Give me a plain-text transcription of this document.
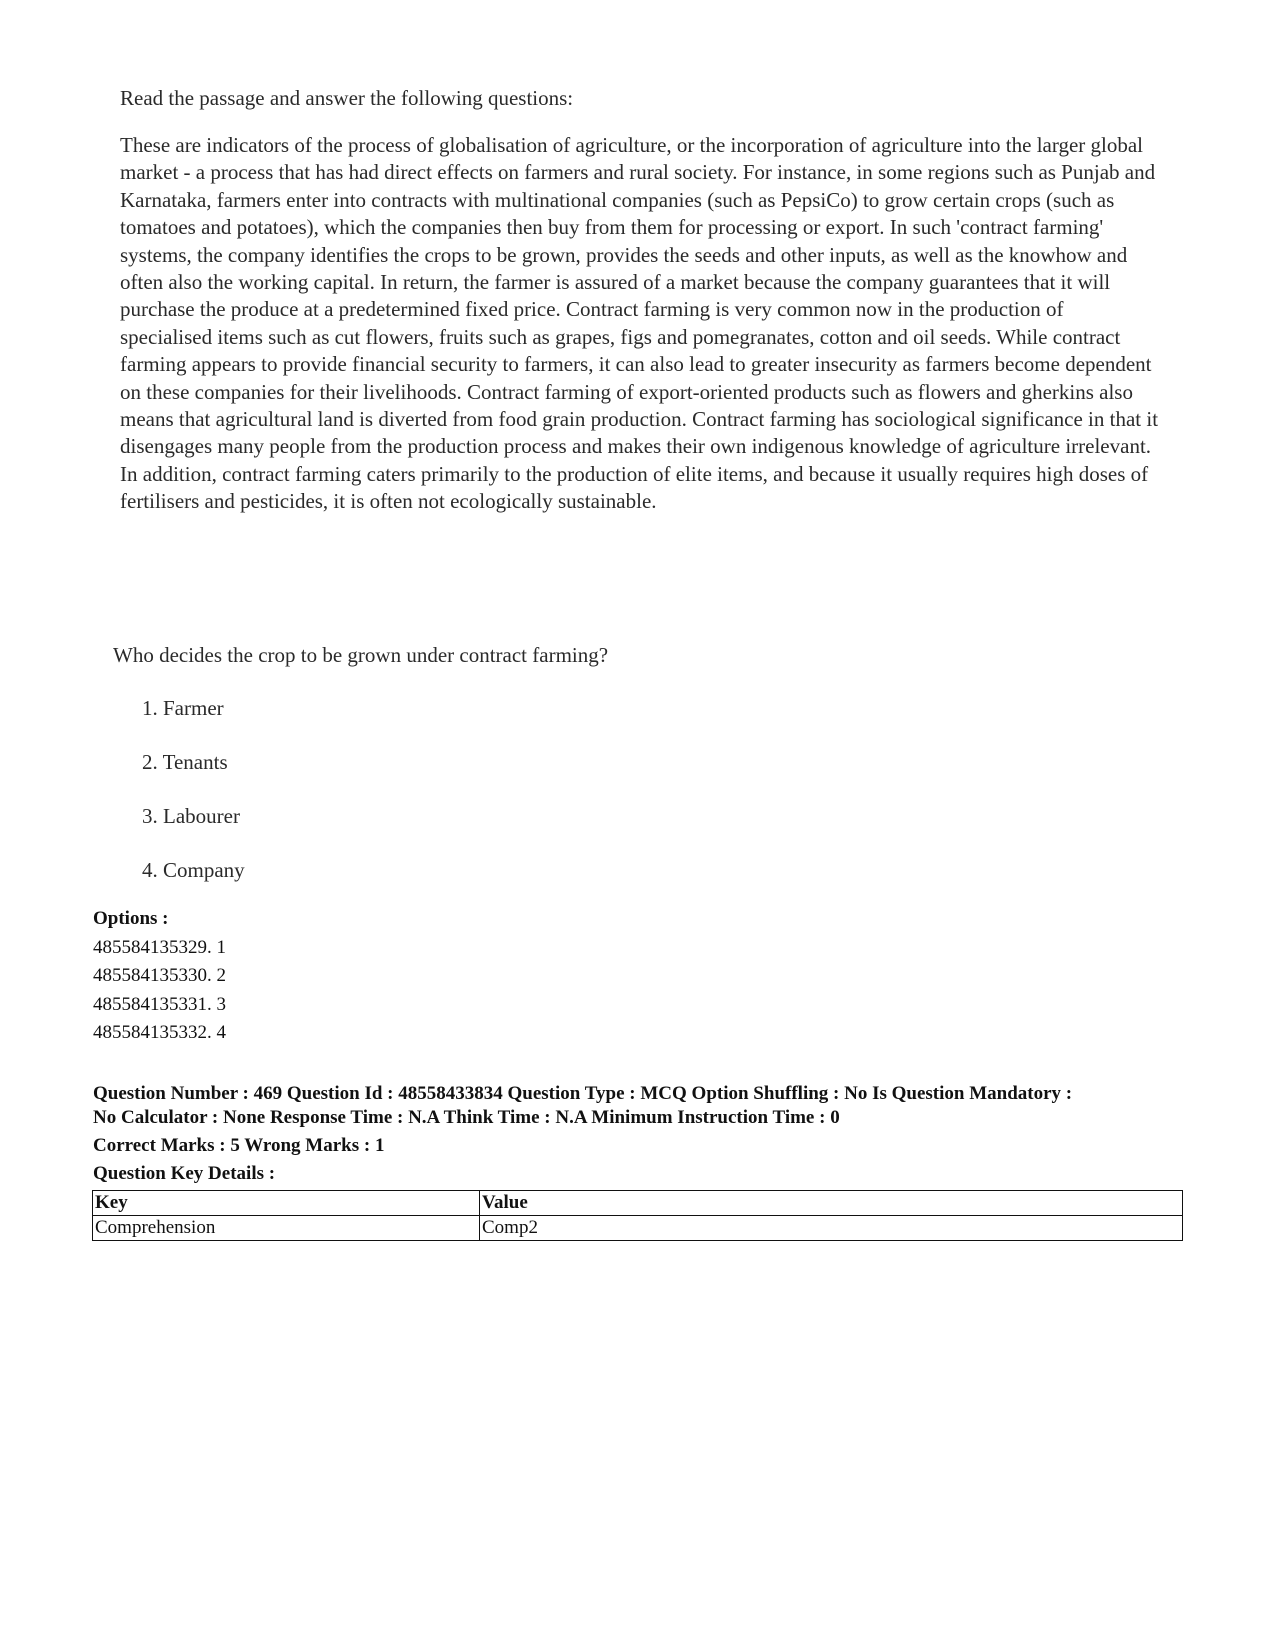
Read the passage and answer the following questions:

These are indicators of the process of globalisation of agriculture, or the incorporation of agriculture into the larger global market - a process that has had direct effects on farmers and rural society. For instance, in some regions such as Punjab and Karnataka, farmers enter into contracts with multinational companies (such as PepsiCo) to grow certain crops (such as tomatoes and potatoes), which the companies then buy from them for processing or export. In such 'contract farming' systems, the company identifies the crops to be grown, provides the seeds and other inputs, as well as the knowhow and often also the working capital. In return, the farmer is assured of a market because the company guarantees that it will purchase the produce at a predetermined fixed price. Contract farming is very common now in the production of specialised items such as cut flowers, fruits such as grapes, figs and pomegranates, cotton and oil seeds. While contract farming appears to provide financial security to farmers, it can also lead to greater insecurity as farmers become dependent on these companies for their livelihoods. Contract farming of export-oriented products such as flowers and gherkins also means that agricultural land is diverted from food grain production. Contract farming has sociological significance in that it disengages many people from the production process and makes their own indigenous knowledge of agriculture irrelevant. In addition, contract farming caters primarily to the production of elite items, and because it usually requires high doses of fertilisers and pesticides, it is often not ecologically sustainable.

Who decides the crop to be grown under contract farming?

1. Farmer
2. Tenants
3. Labourer
4. Company
Options :
485584135329. 1
485584135330. 2
485584135331. 3
485584135332. 4
Question Number : 469 Question Id : 48558433834 Question Type : MCQ Option Shuffling : No Is Question Mandatory :
No Calculator : None Response Time : N.A Think Time : N.A Minimum Instruction Time : 0
Correct Marks : 5 Wrong Marks : 1
Question Key Details :
Key	Value
Comprehension	Comp2
